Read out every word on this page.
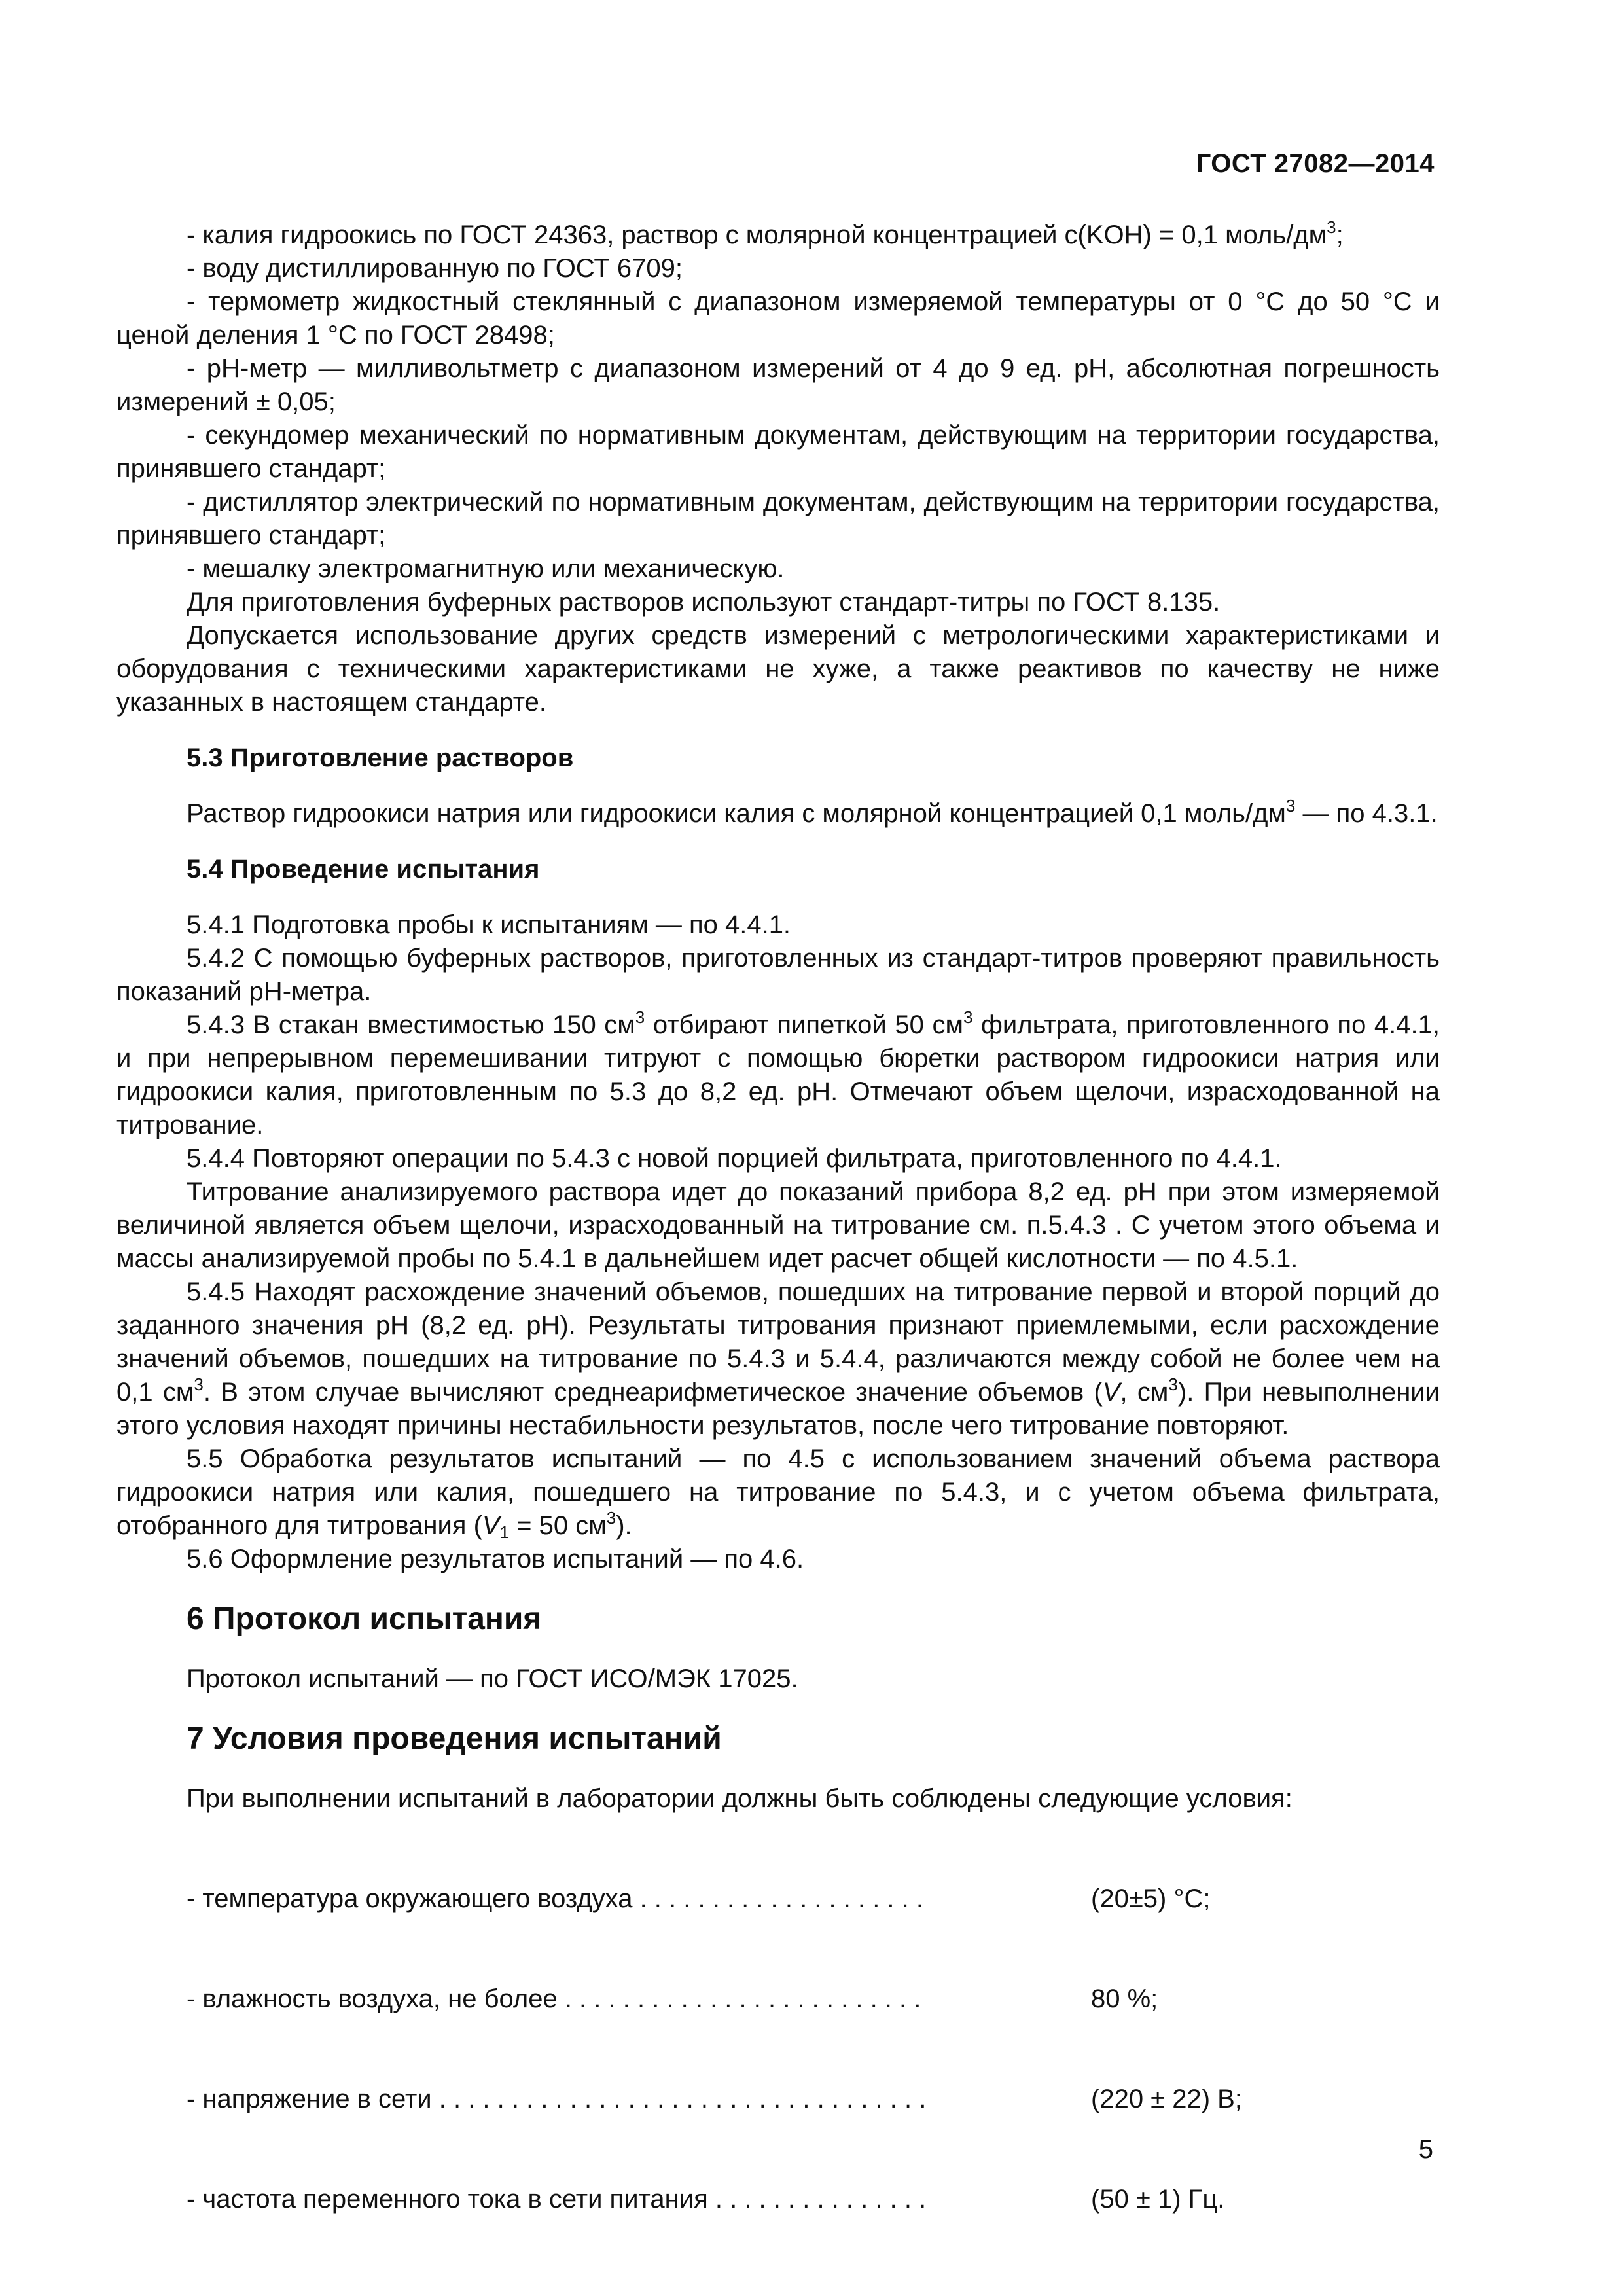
ГОСТ 27082—2014

- калия гидроокись по ГОСТ 24363, раствор с молярной концентрацией c(KOH) = 0,1 моль/$дм^3$;

- воду дистиллированную по ГОСТ 6709;

- термометр жидкостный стеклянный с диапазоном измеряемой температуры от 0 °С до 50 °С и ценой деления 1 °С по ГОСТ 28498;

- pH-метр — милливольтметр с диапазоном измерений от 4 до 9 ед. pH, абсолютная погрешность измерений ± 0,05;

- секундомер механический по нормативным документам, действующим на территории государства, принявшего стандарт;

- дистиллятор электрический по нормативным документам, действующим на территории государства, принявшего стандарт;

- мешалку электромагнитную или механическую.

Для приготовления буферных растворов используют стандарт-титры по ГОСТ 8.135.

Допускается использование других средств измерений с метрологическими характеристиками и оборудования с техническими характеристиками не хуже, а также реактивов по качеству не ниже указанных в настоящем стандарте.

5.3 Приготовление растворов

Раствор гидроокиси натрия или гидроокиси калия с молярной концентрацией 0,1 моль/$дм^3$ — по 4.3.1.

5.4 Проведение испытания

5.4.1 Подготовка пробы к испытаниям — по 4.4.1.

5.4.2 С помощью буферных растворов, приготовленных из стандарт-титров проверяют правильность показаний pH-метра.

5.4.3 В стакан вместимостью 150 $см^3$ отбирают пипеткой 50 $см^3$ фильтрата, приготовленного по 4.4.1, и при непрерывном перемешивании титруют с помощью бюретки раствором гидроокиси натрия или гидроокиси калия, приготовленным по 5.3 до 8,2 ед. pH. Отмечают объем щелочи, израсходованной на титрование.

5.4.4 Повторяют операции по 5.4.3 с новой порцией фильтрата, приготовленного по 4.4.1.

Титрование анализируемого раствора идет до показаний прибора 8,2 ед. pH при этом измеряемой величиной является объем щелочи, израсходованный на титрование см. п.5.4.3 . С учетом этого объема и массы анализируемой пробы по 5.4.1 в дальнейшем идет расчет общей кислотности — по 4.5.1.

5.4.5 Находят расхождение значений объемов, пошедших на титрование первой и второй порций до заданного значения pH (8,2 ед. pH). Результаты титрования признают приемлемыми, если расхождение значений объемов, пошедших на титрование по 5.4.3 и 5.4.4, различаются между собой не более чем на 0,1 $см^3$. В этом случае вычисляют среднеарифметическое значение объемов (V, $см^3$). При невыполнении этого условия находят причины нестабильности результатов, после чего титрование повторяют.

5.5 Обработка результатов испытаний — по 4.5 с использованием значений объема раствора гидроокиси натрия или калия, пошедшего на титрование по 5.4.3, и с учетом объема фильтрата, отобранного для титрования ($V_1 = 50$ $см^3$).

5.6 Оформление результатов испытаний — по 4.6.

6 Протокол испытания

Протокол испытаний — по ГОСТ ИСО/МЭК 17025.

7 Условия проведения испытаний

При выполнении испытаний в лаборатории должны быть соблюдены следующие условия:

- температура окружающего воздуха . . . . . . . . . . . . . . . . . . . .	(20±5) °С;

- влажность воздуха, не более . . . . . . . . . . . . . . . . . . . . . . . . .	80 %;

- напряжение в сети . . . . . . . . . . . . . . . . . . . . . . . . . . . . . . . . . .	(220 ± 22) В;

- частота переменного тока в сети питания . . . . . . . . . . . . . . .	(50 ± 1) Гц.

5
